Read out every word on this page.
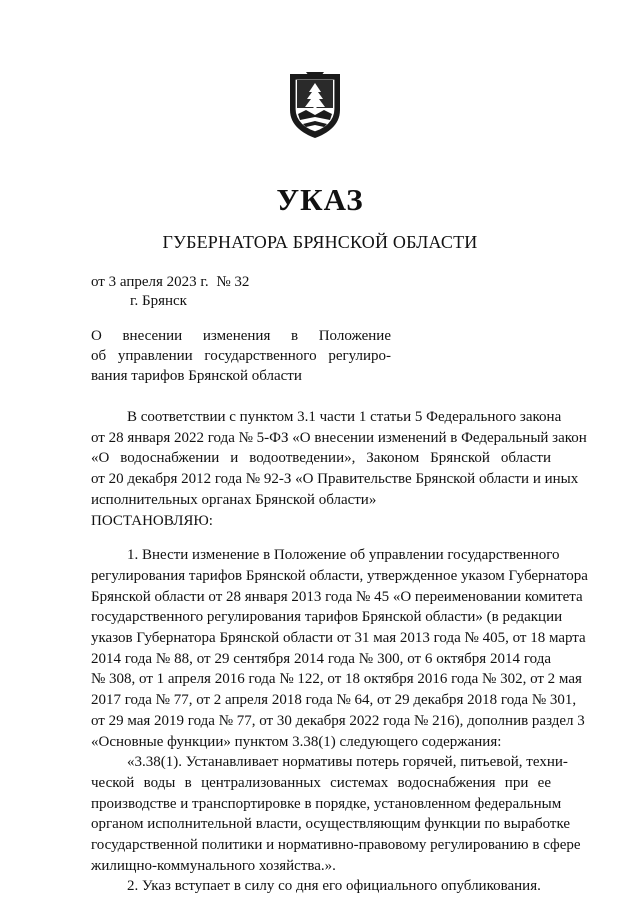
УКАЗ
ГУБЕРНАТОРА БРЯНСКОЙ ОБЛАСТИ
от 3 апреля 2023 г. № 32
г. Брянск
О внесении изменения в Положение
об управлении государственного регулиро-
вания тарифов Брянской области
В соответствии с пунктом 3.1 части 1 статьи 5 Федерального закона
от 28 января 2022 года № 5-ФЗ «О внесении изменений в Федеральный закон
«О водоснабжении и водоотведении», Законом Брянской области
от 20 декабря 2012 года № 92-З «О Правительстве Брянской области и иных
исполнительных органах Брянской области»
ПОСТАНОВЛЯЮ:
1. Внести изменение в Положение об управлении государственного
регулирования тарифов Брянской области, утвержденное указом Губернатора
Брянской области от 28 января 2013 года № 45 «О переименовании комитета
государственного регулирования тарифов Брянской области» (в редакции
указов Губернатора Брянской области от 31 мая 2013 года № 405, от 18 марта
2014 года № 88, от 29 сентября 2014 года № 300, от 6 октября 2014 года
№ 308, от 1 апреля 2016 года № 122, от 18 октября 2016 года № 302, от 2 мая
2017 года № 77, от 2 апреля 2018 года № 64, от 29 декабря 2018 года № 301,
от 29 мая 2019 года № 77, от 30 декабря 2022 года № 216), дополнив раздел 3
«Основные функции» пунктом 3.38(1) следующего содержания:
«3.38(1). Устанавливает нормативы потерь горячей, питьевой, техни-
ческой воды в централизованных системах водоснабжения при ее
производстве и транспортировке в порядке, установленном федеральным
органом исполнительной власти, осуществляющим функции по выработке
государственной политики и нормативно-правовому регулированию в сфере
жилищно-коммунального хозяйства.».
2. Указ вступает в силу со дня его официального опубликования.
